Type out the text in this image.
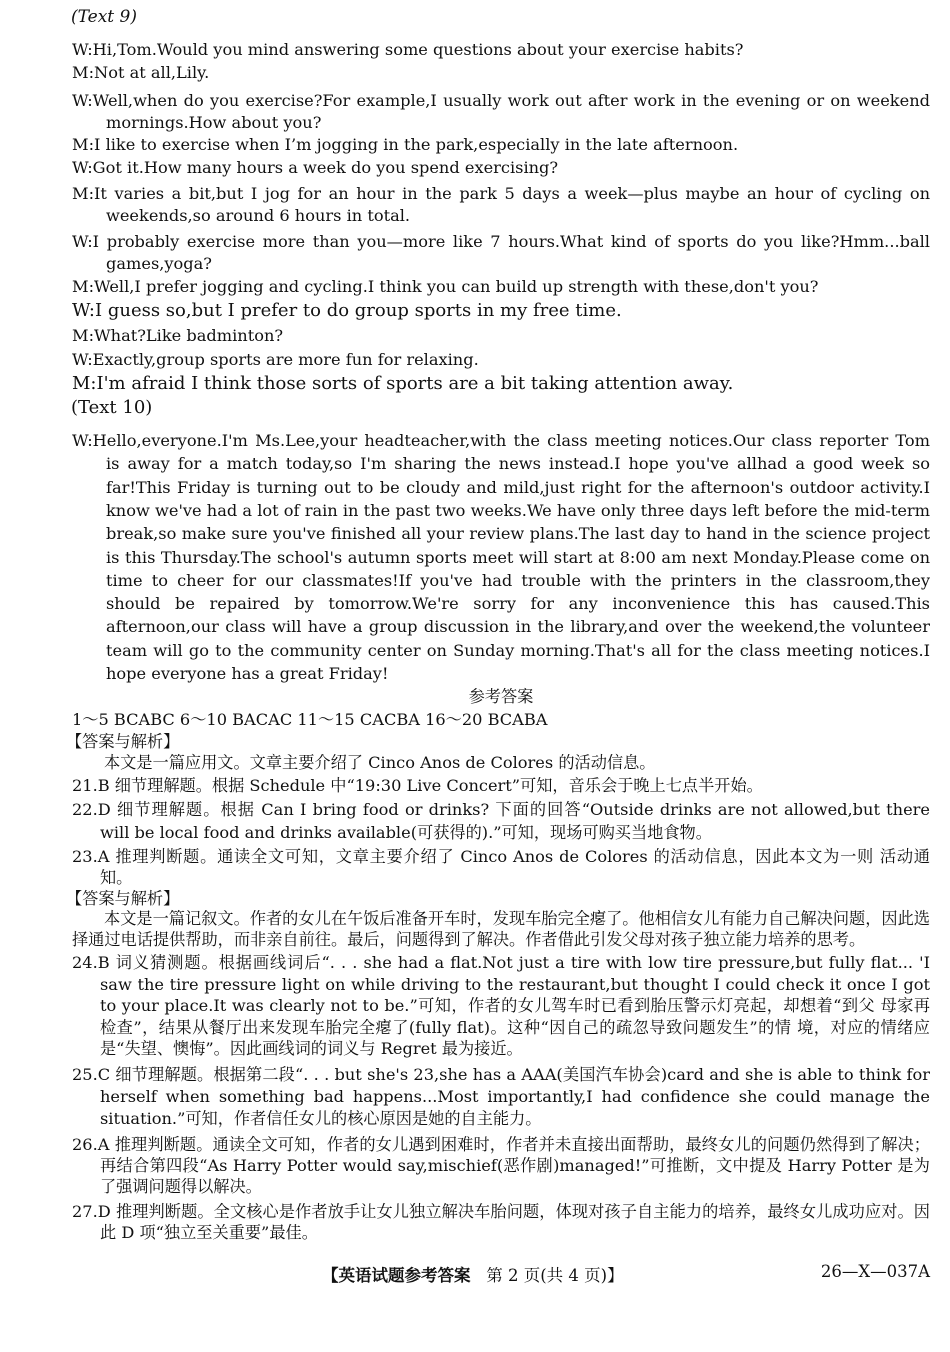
(Text 9)

W:Hi,Tom.Would you mind answering some questions about your exercise habits?

M:Not at all,Lily.

W:Well,when do you exercise?For example,I usually work out after work in the evening or on weekend mornings.How about you?

M:I like to exercise when I’m jogging in the park,especially in the late afternoon.

W:Got it.How many hours a week do you spend exercising?

M:It varies a bit,but I jog for an hour in the park 5 days a week—plus maybe an hour of cycling on weekends,so around 6 hours in total.

W:I probably exercise more than you—more like 7 hours.What kind of sports do you like?Hmm...ball games,yoga?

M:Well,I prefer jogging and cycling.I think you can build up strength with these,don't you?

W:I guess so,but I prefer to do group sports in my free time.

M:What?Like badminton?

W:Exactly,group sports are more fun for relaxing.

M:I'm afraid I think those sorts of sports are a bit taking attention away.

(Text 10)

W:Hello,everyone.I'm Ms.Lee,your headteacher,with the class meeting notices.Our class reporter Tom is away for a match today,so I'm sharing the news instead.I hope you've allhad a good week so far!This Friday is turning out to be cloudy and mild,just right for the afternoon's outdoor activity.I know we've had a lot of rain in the past two weeks.We have only three days left before the mid-term break,so make sure you've finished all your review plans.The last day to hand in the science project is this Thursday.The school's autumn sports meet will start at 8:00 am next Monday.Please come on time to cheer for our classmates!If you've had trouble with the printers in the classroom,they should be repaired by tomorrow.We're sorry for any inconvenience this has caused.This afternoon,our class will have a group discussion in the library,and over the weekend,the volunteer team will go to the community center on Sunday morning.That's all for the class meeting notices.I hope everyone has a great Friday!

参考答案
1～5 BCABC 6～10 BACAC 11～15 CACBA 16～20 BCABA
【答案与解析】

本文是一篇应用文。文章主要介绍了 Cinco Anos de Colores 的活动信息。

21.B 细节理解题。根据 Schedule 中“19:30 Live Concert”可知，音乐会于晚上七点半开始。

22.D 细节理解题。根据 Can I bring food or drinks? 下面的回答“Outside drinks are not allowed,but there will be local food and drinks available(可获得的).”可知，现场可购买当地食物。

23.A 推理判断题。通读全文可知，文章主要介绍了 Cinco Anos de Colores 的活动信息，因此本文为一则 活动通知。

【答案与解析】

本文是一篇记叙文。作者的女儿在午饭后准备开车时，发现车胎完全瘪了。他相信女儿有能力自己解决问题，因此选择通过电话提供帮助，而非亲自前往。最后，问题得到了解决。作者借此引发父母对孩子独立能力培养的思考。

24.B 词义猜测题。根据画线词后“. . . she had a flat.Not just a tire with low tire pressure,but fully flat... 'I saw the tire pressure light on while driving to the restaurant,but thought I could check it once I got to your place.It was clearly not to be.”可知，作者的女儿驾车时已看到胎压警示灯亮起，却想着“到父 母家再检查”，结果从餐厅出来发现车胎完全瘪了(fully flat)。这种“因自己的疏忽导致问题发生”的情 境，对应的情绪应是“失望、懊悔”。因此画线词的词义与 Regret 最为接近。

25.C 细节理解题。根据第二段“. . . but she's 23,she has a AAA(美国汽车协会)card and she is able to think for herself when something bad happens...Most importantly,I had confidence she could manage the situation.”可知，作者信任女儿的核心原因是她的自主能力。

26.A 推理判断题。通读全文可知，作者的女儿遇到困难时，作者并未直接出面帮助，最终女儿的问题仍然得到了解决；再结合第四段“As Harry Potter would say,mischief(恶作剧)managed!”可推断，文中提及 Harry Potter 是为了强调问题得以解决。

27.D 推理判断题。全文核心是作者放手让女儿独立解决车胎问题，体现对孩子自主能力的培养，最终女儿成功应对。因此 D 项“独立至关重要”最佳。

【英语试题参考答案 第 2 页(共 4 页)】	26—X—037A
